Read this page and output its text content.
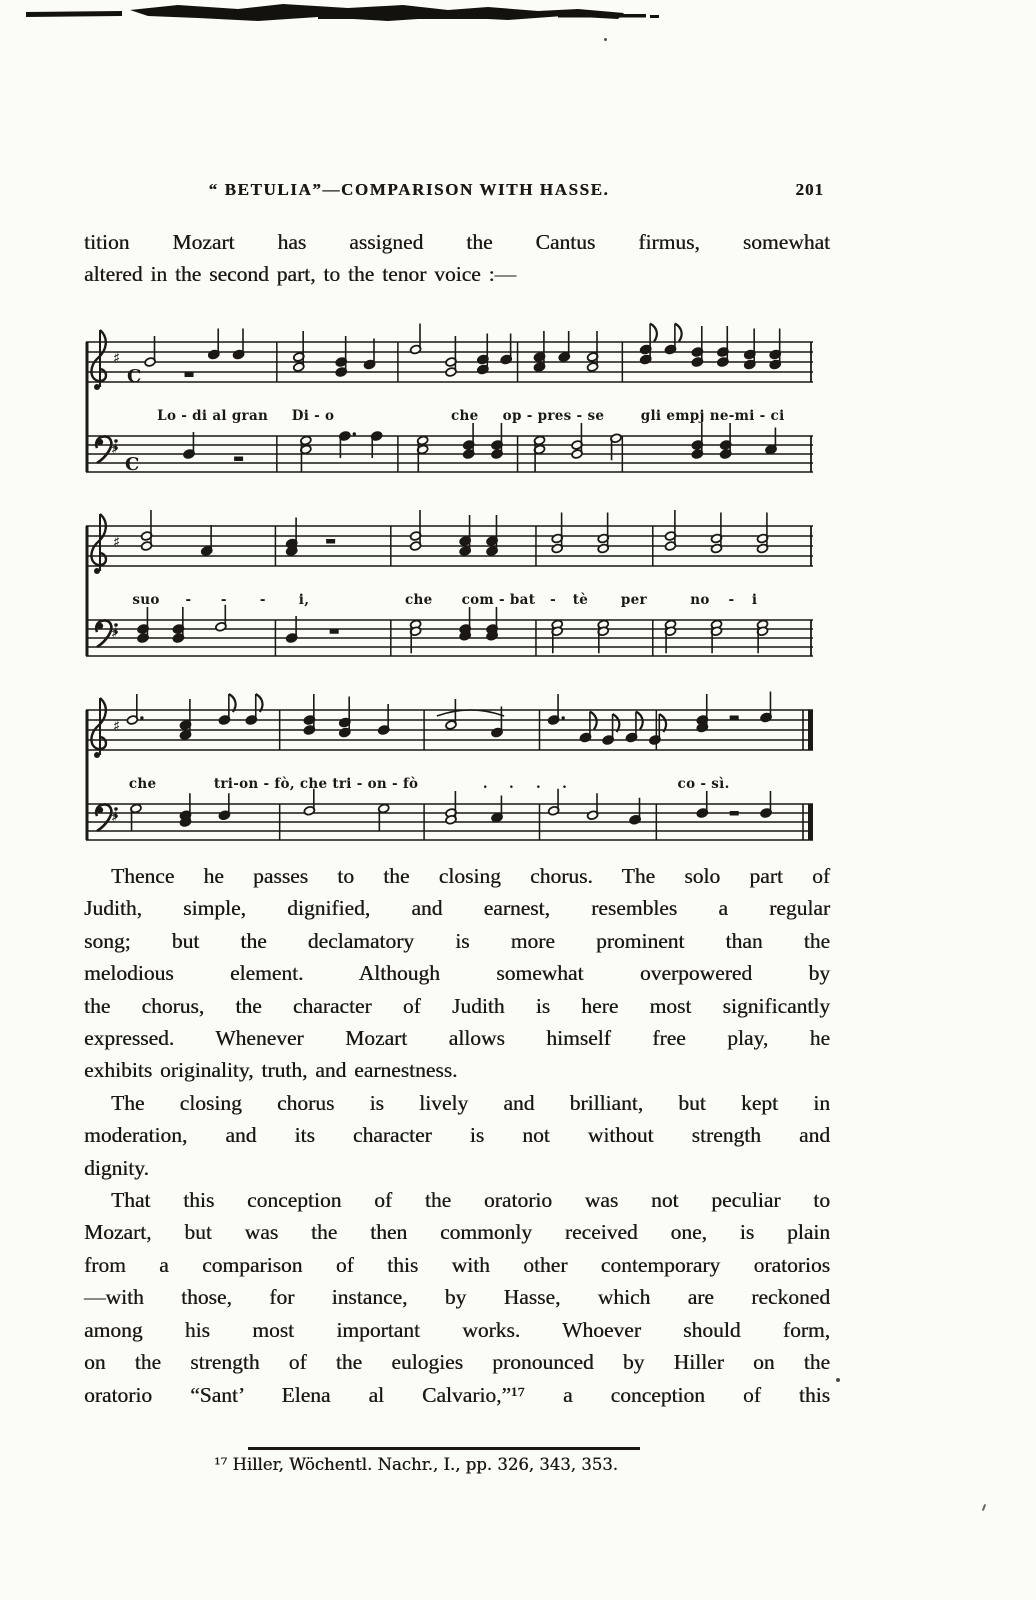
“ BETULIA”—COMPARISON WITH HASSE.	201
tition Mozart has assigned the Cantus firmus, somewhat
altered in the second part, to the tenor voice :—
♯
♯
C
C
Lo - di al gran Di - o	che op - pres - se	gli empj ne-mi - ci
♯
♯
suo - - - i,	che com - bat - tè per	no - i
♯
♯
che	tri-on - fò, che tri - on - fò	. . . .	co - sì.
Thence he passes to the closing chorus. The solo part of
Judith, simple, dignified, and earnest, resembles a regular
song; but the declamatory is more prominent than the
melodious element. Although somewhat overpowered by
the chorus, the character of Judith is here most significantly
expressed. Whenever Mozart allows himself free play, he
exhibits originality, truth, and earnestness.
The closing chorus is lively and brilliant, but kept in
moderation, and its character is not without strength and
dignity.
That this conception of the oratorio was not peculiar to
Mozart, but was the then commonly received one, is plain
from a comparison of this with other contemporary oratorios
—with those, for instance, by Hasse, which are reckoned
among his most important works. Whoever should form,
on the strength of the eulogies pronounced by Hiller on the
oratorio “Sant’ Elena al Calvario,”¹⁷ a conception of this
¹⁷ Hiller, Wöchentl. Nachr., I., pp. 326, 343, 353.
